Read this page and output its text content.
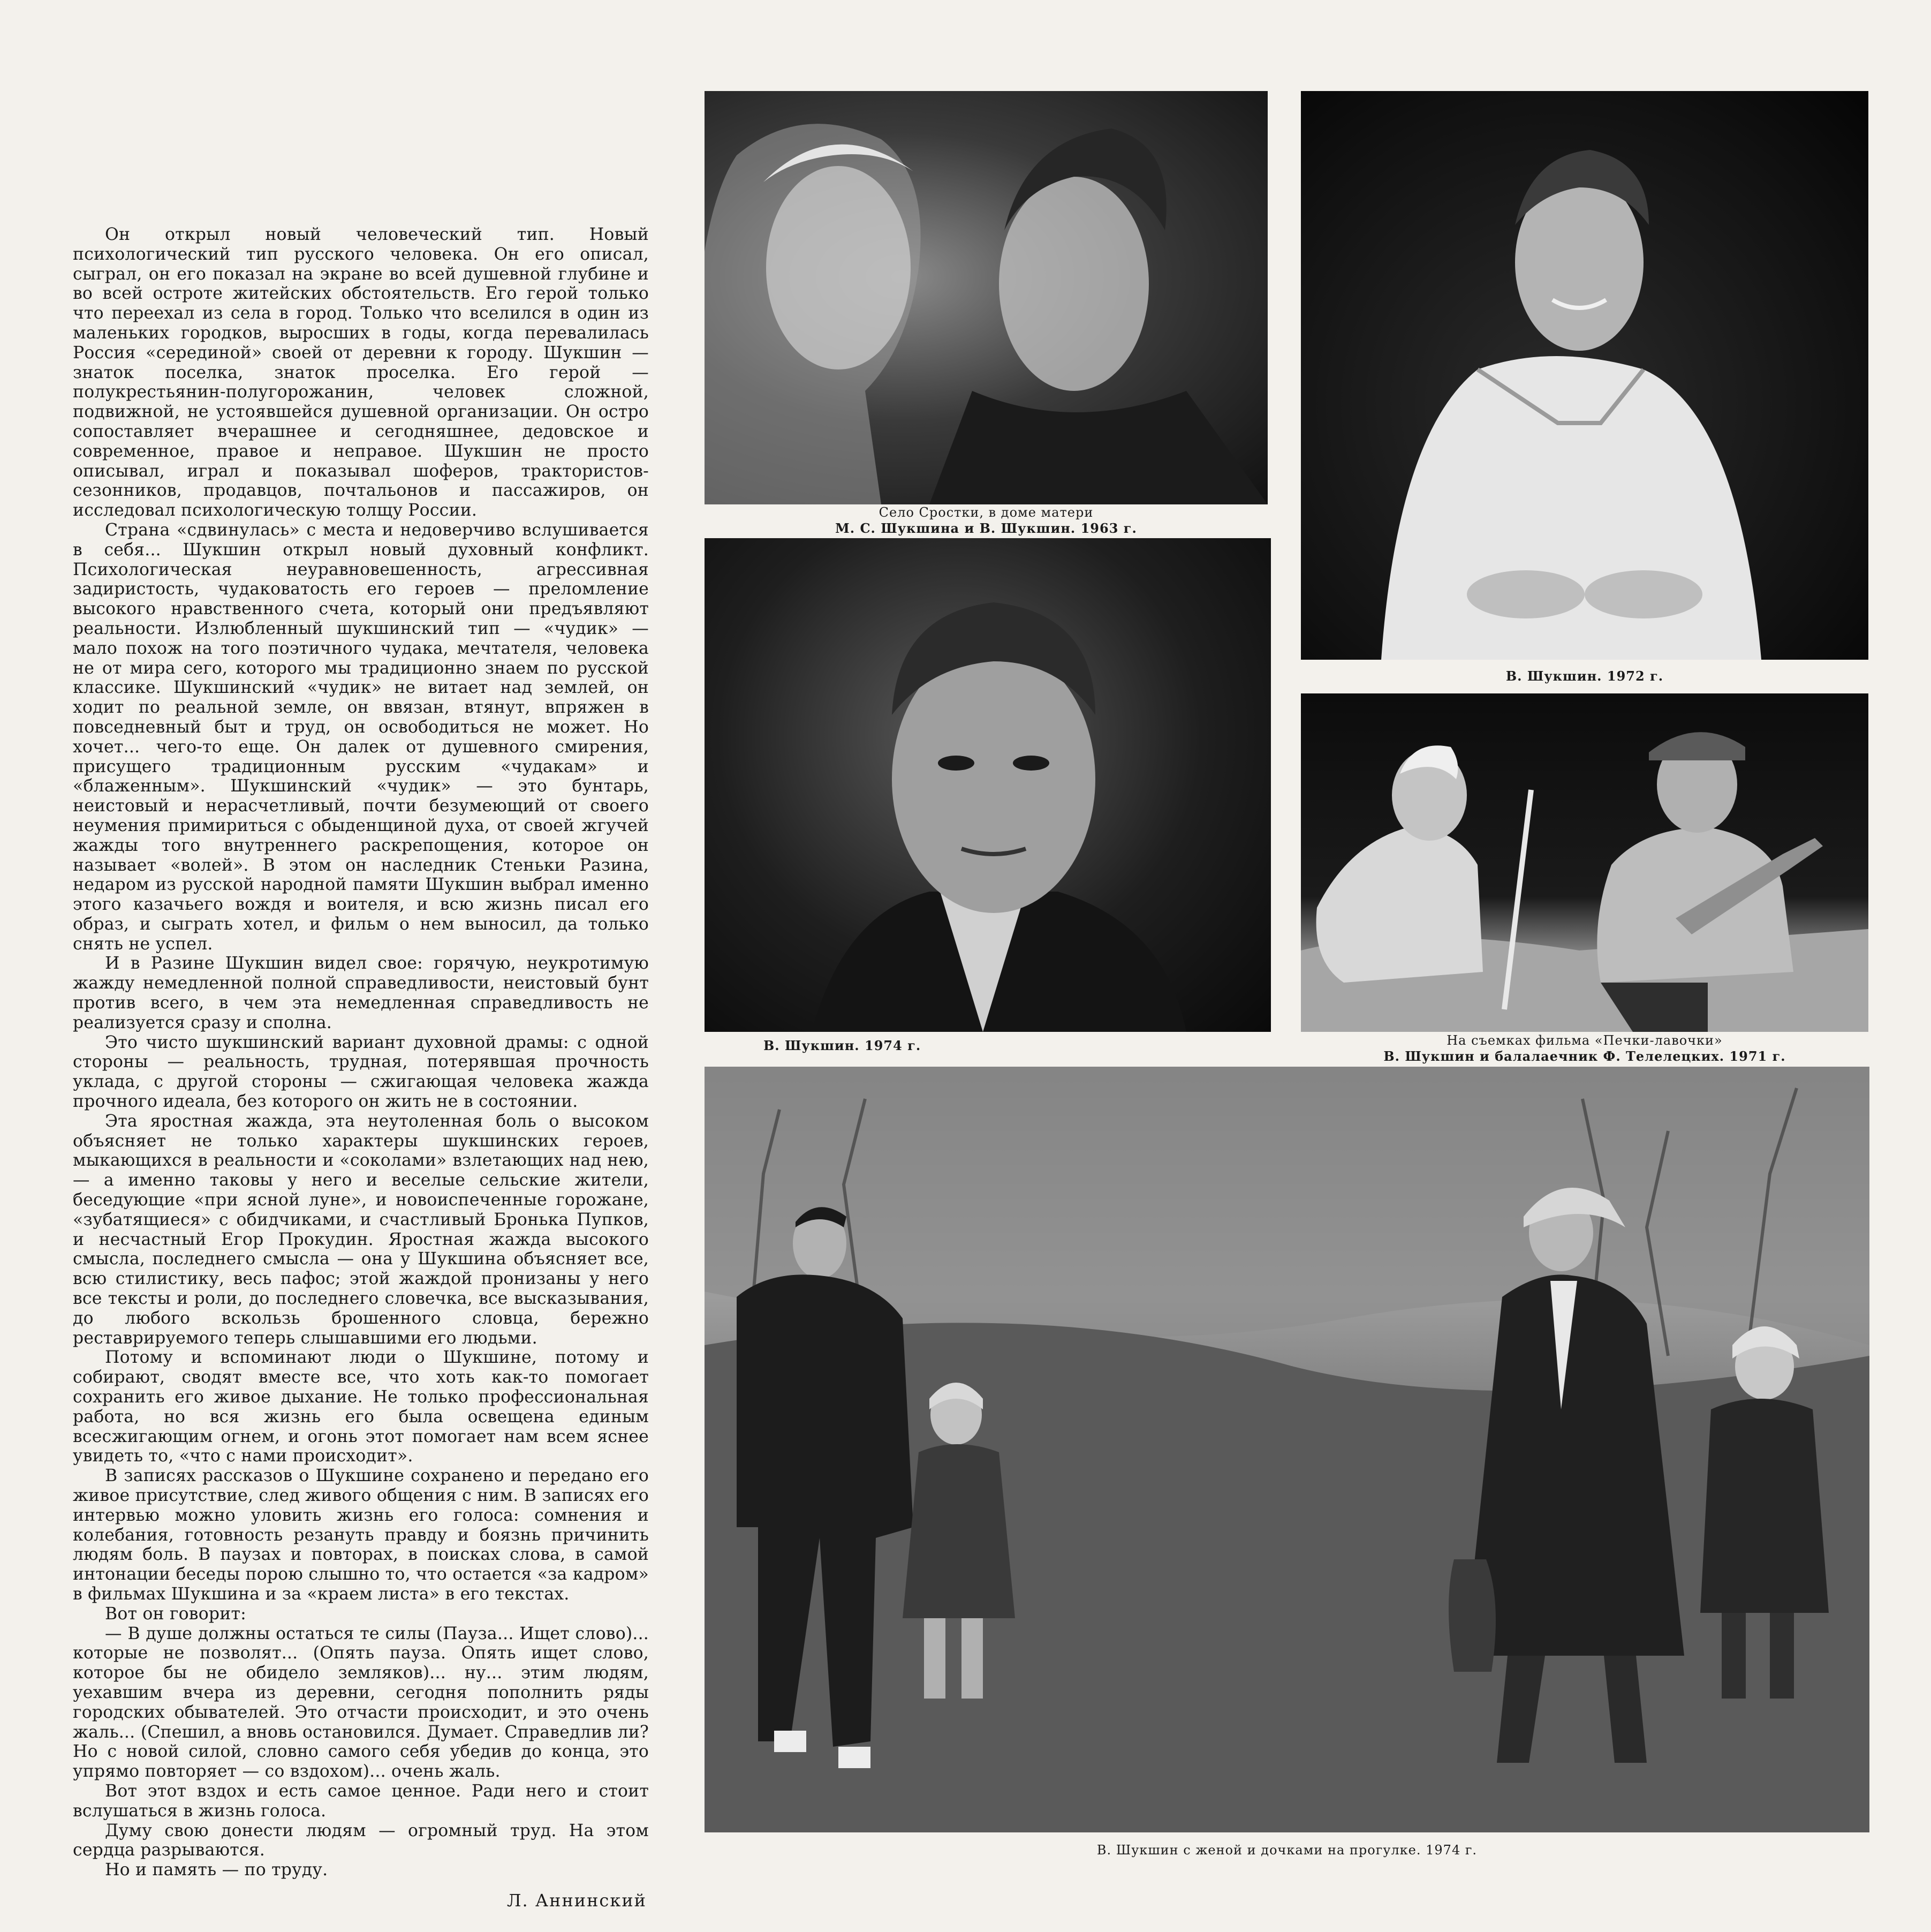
Он открыл новый человеческий тип. Новый психологический тип русского человека. Он его описал, сыграл, он его показал на экране во всей душевной глубине и во всей остроте житейских обстоятельств. Его герой только что переехал из села в город. Только что вселился в один из маленьких городков, выросших в годы, когда перевалилась Россия «серединой» своей от деревни к городу. Шукшин — знаток поселка, знаток проселка. Его герой — полукрестьянин-полугорожанин, человек сложной, подвижной, не устоявшейся душевной организации. Он остро сопоставляет вчерашнее и сегодняшнее, дедовское и современное, правое и неправое. Шукшин не просто описывал, играл и показывал шоферов, трактористов-сезонников, продавцов, почтальонов и пассажиров, он исследовал психологическую толщу России.

Страна «сдвинулась» с места и недоверчиво вслушивается в себя... Шукшин открыл новый духовный конфликт. Психологическая неуравновешенность, агрессивная задиристость, чудаковатость его героев — преломление высокого нравственного счета, который они предъявляют реальности. Излюбленный шукшинский тип — «чудик» — мало похож на того поэтичного чудака, мечтателя, человека не от мира сего, которого мы традиционно знаем по русской классике. Шукшинский «чудик» не витает над землей, он ходит по реальной земле, он ввязан, втянут, впряжен в повседневный быт и труд, он освободиться не может. Но хочет... чего-то еще. Он далек от душевного смирения, присущего традиционным русским «чудакам» и «блаженным». Шукшинский «чудик» — это бунтарь, неистовый и нерасчетливый, почти безумеющий от своего неумения примириться с обыденщиной духа, от своей жгучей жажды того внутреннего раскрепощения, которое он называет «волей». В этом он наследник Стеньки Разина, недаром из русской народной памяти Шукшин выбрал именно этого казачьего вождя и воителя, и всю жизнь писал его образ, и сыграть хотел, и фильм о нем выносил, да только снять не успел.

И в Разине Шукшин видел свое: горячую, неукротимую жажду немедленной полной справедливости, неистовый бунт против всего, в чем эта немедленная справедливость не реализуется сразу и сполна.

Это чисто шукшинский вариант духовной драмы: с одной стороны — реальность, трудная, потерявшая прочность уклада, с другой стороны — сжигающая человека жажда прочного идеала, без которого он жить не в состоянии.

Эта яростная жажда, эта неутоленная боль о высоком объясняет не только характеры шукшинских героев, мыкающихся в реальности и «соколами» взлетающих над нею, — а именно таковы у него и веселые сельские жители, беседующие «при ясной луне», и новоиспеченные горожане, «зубатящиеся» с обидчиками, и счастливый Бронька Пупков, и несчастный Егор Прокудин. Яростная жажда высокого смысла, последнего смысла — она у Шукшина объясняет все, всю стилистику, весь пафос; этой жаждой пронизаны у него все тексты и роли, до последнего словечка, все высказывания, до любого вскользь брошенного словца, бережно реставрируемого теперь слышавшими его людьми.

Потому и вспоминают люди о Шукшине, потому и собирают, сводят вместе все, что хоть как-то помогает сохранить его живое дыхание. Не только профессиональная работа, но вся жизнь его была освещена единым всесжигающим огнем, и огонь этот помогает нам всем яснее увидеть то, «что с нами происходит».

В записях рассказов о Шукшине сохранено и передано его живое присутствие, след живого общения с ним. В записях его интервью можно уловить жизнь его голоса: сомнения и колебания, готовность резануть правду и боязнь причинить людям боль. В паузах и повторах, в поисках слова, в самой интонации беседы порою слышно то, что остается «за кадром» в фильмах Шукшина и за «краем листа» в его текстах.

Вот он говорит:

— В душе должны остаться те силы (Пауза... Ищет слово)... которые не позволят... (Опять пауза. Опять ищет слово, которое бы не обидело земляков)... ну... этим людям, уехавшим вчера из деревни, сегодня пополнить ряды городских обывателей. Это отчасти происходит, и это очень жаль... (Спешил, а вновь остановился. Думает. Справедлив ли? Но с новой силой, словно самого себя убедив до конца, это упрямо повторяет — со вздохом)... очень жаль.

Вот этот вздох и есть самое ценное. Ради него и стоит вслушаться в жизнь голоса.

Думу свою донести людям — огромный труд. На этом сердца разрываются.

Но и память — по труду.

Л. Аннинский
Село Сростки, в доме матери
М. С. Шукшина и В. Шукшин. 1963 г.
В. Шукшин. 1972 г.
В. Шукшин. 1974 г.	На съемках фильма «Печки-лавочки»
В. Шукшин и балалаечник Ф. Телелецких. 1971 г.
В. Шукшин с женой и дочками на прогулке. 1974 г.
